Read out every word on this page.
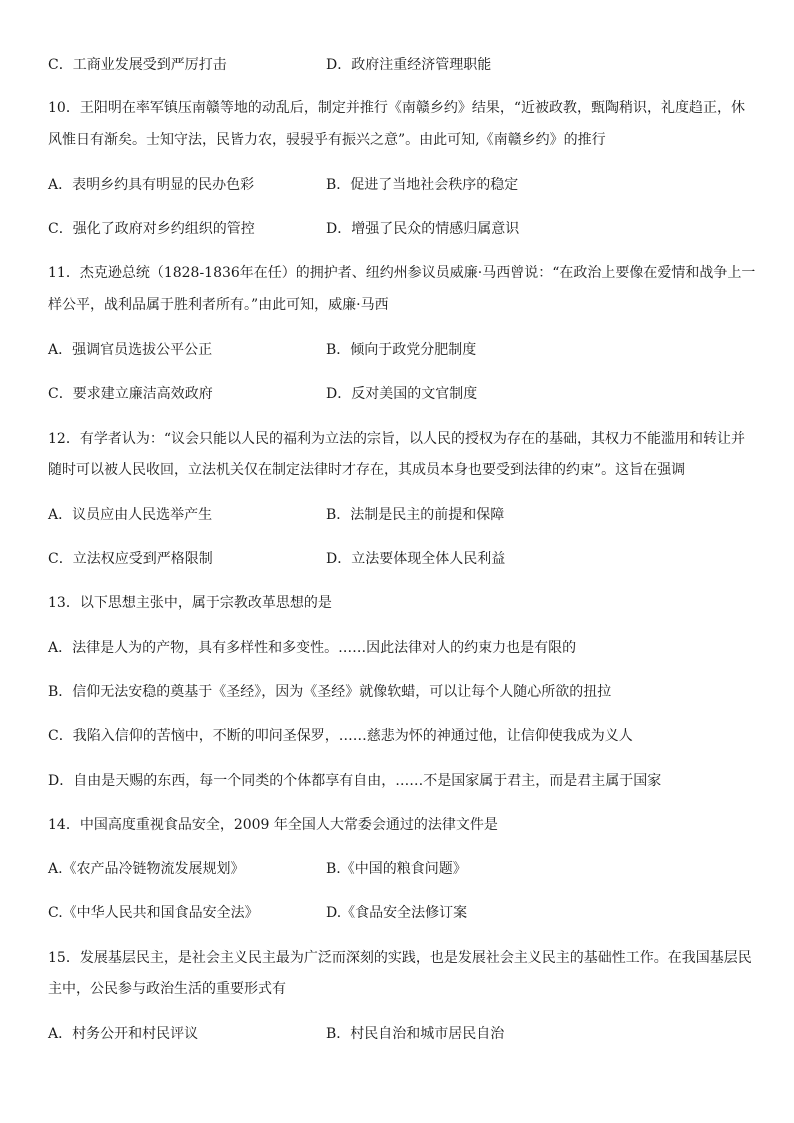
C．工商业发展受到严厉打击	D．政府注重经济管理职能
10．王阳明在率军镇压南赣等地的动乱后，制定并推行《南赣乡约》结果，“近被政教，甄陶稍识，礼度趋正，休
风惟日有渐矣。士知守法，民皆力农，骎骎乎有振兴之意”。由此可知,《南赣乡约》的推行
A．表明乡约具有明显的民办色彩	B．促进了当地社会秩序的稳定
C．强化了政府对乡约组织的管控	D．增强了民众的情感归属意识
11．杰克逊总统（1828-1836年在任）的拥护者、纽约州参议员威廉·马西曾说：“在政治上要像在爱情和战争上一
样公平，战利品属于胜利者所有。”由此可知，威廉·马西
A．强调官员选拔公平公正	B．倾向于政党分肥制度
C．要求建立廉洁高效政府	D．反对美国的文官制度
12．有学者认为：“议会只能以人民的福利为立法的宗旨，以人民的授权为存在的基础，其权力不能滥用和转让并
随时可以被人民收回，立法机关仅在制定法律时才存在，其成员本身也要受到法律的约束”。这旨在强调
A．议员应由人民选举产生	B．法制是民主的前提和保障
C．立法权应受到严格限制	D．立法要体现全体人民利益
13．以下思想主张中，属于宗教改革思想的是
A．法律是人为的产物，具有多样性和多变性。……因此法律对人的约束力也是有限的
B．信仰无法安稳的奠基于《圣经》，因为《圣经》就像软蜡，可以让每个人随心所欲的扭拉
C．我陷入信仰的苦恼中，不断的叩问圣保罗，……慈悲为怀的神通过他，让信仰使我成为义人
D．自由是天赐的东西，每一个同类的个体都享有自由，……不是国家属于君主，而是君主属于国家
14．中国高度重视食品安全，2009 年全国人大常委会通过的法律文件是
A.《农产品冷链物流发展规划》	B.《中国的粮食问题》
C.《中华人民共和国食品安全法》	D.《食品安全法修订案
15．发展基层民主，是社会主义民主最为广泛而深刻的实践，也是发展社会主义民主的基础性工作。在我国基层民
主中，公民参与政治生活的重要形式有
A．村务公开和村民评议	B．村民自治和城市居民自治
